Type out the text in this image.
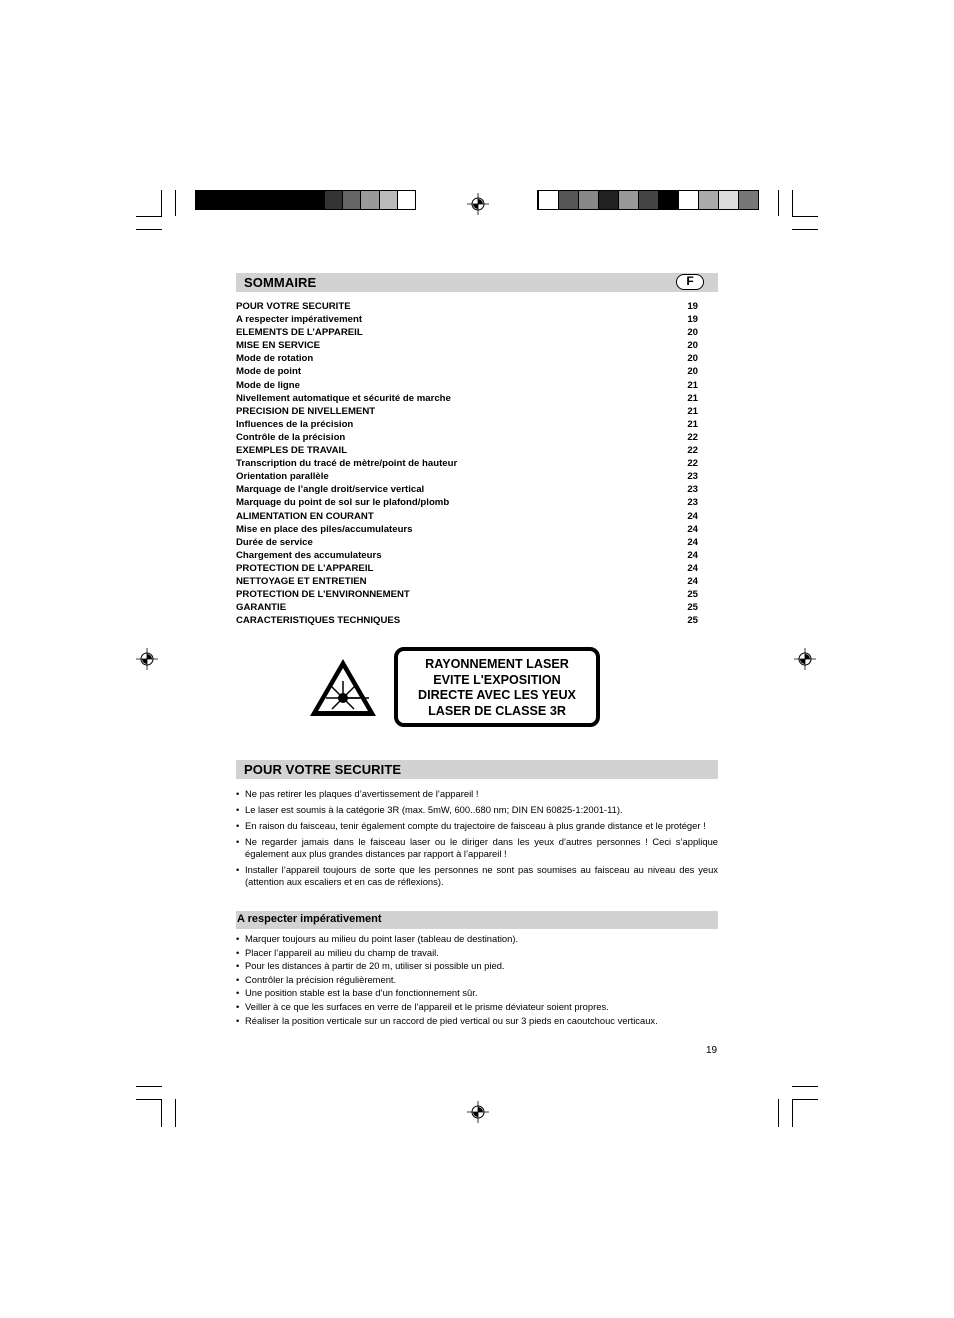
SOMMAIRE	F
POUR VOTRE SECURITE	19
A respecter impérativement	19
ELEMENTS DE L’APPAREIL	20
MISE EN SERVICE	20
Mode de rotation	20
Mode de point	20
Mode de ligne	21
Nivellement automatique et sécurité de marche	21
PRECISION DE NIVELLEMENT	21
Influences de la précision	21
Contrôle de la précision	22
EXEMPLES DE TRAVAIL	22
Transcription du tracé de mètre/point de hauteur	22
Orientation parallèle	23
Marquage de l’angle droit/service vertical	23
Marquage du point de sol sur le plafond/plomb	23
ALIMENTATION EN COURANT	24
Mise en place des piles/accumulateurs	24
Durée de service	24
Chargement des accumulateurs	24
PROTECTION DE L’APPAREIL	24
NETTOYAGE ET ENTRETIEN	24
PROTECTION DE L’ENVIRONNEMENT	25
GARANTIE	25
CARACTERISTIQUES TECHNIQUES	25
RAYONNEMENT LASER
EVITE L'EXPOSITION
DIRECTE AVEC LES YEUX
LASER DE CLASSE 3R
POUR VOTRE SECURITE
• Ne pas retirer les plaques d’avertissement de l’appareil !
• Le laser est soumis à la catégorie 3R (max. 5mW, 600..680 nm; DIN EN 60825-1:2001-11).
• En raison du faisceau, tenir également compte du trajectoire de faisceau à plus grande distance et le protéger !
• Ne regarder jamais dans le faisceau laser ou le diriger dans les yeux d’autres personnes ! Ceci s’applique également aux plus grandes distances par rapport à l’appareil !
• Installer l’appareil toujours de sorte que les personnes ne sont pas soumises au faisceau au niveau des yeux (attention aux escaliers et en cas de réflexions).
A respecter impérativement
• Marquer toujours au milieu du point laser (tableau de destination).
• Placer l’appareil au milieu du champ de travail.
• Pour les distances à partir de 20 m, utiliser si possible un pied.
• Contrôler la précision régulièrement.
• Une position stable est la base d’un fonctionnement sûr.
• Veiller à ce que les surfaces en verre de l’appareil et le prisme déviateur soient propres.
• Réaliser la position verticale sur un raccord de pied vertical ou sur 3 pieds en caoutchouc verticaux.
19
